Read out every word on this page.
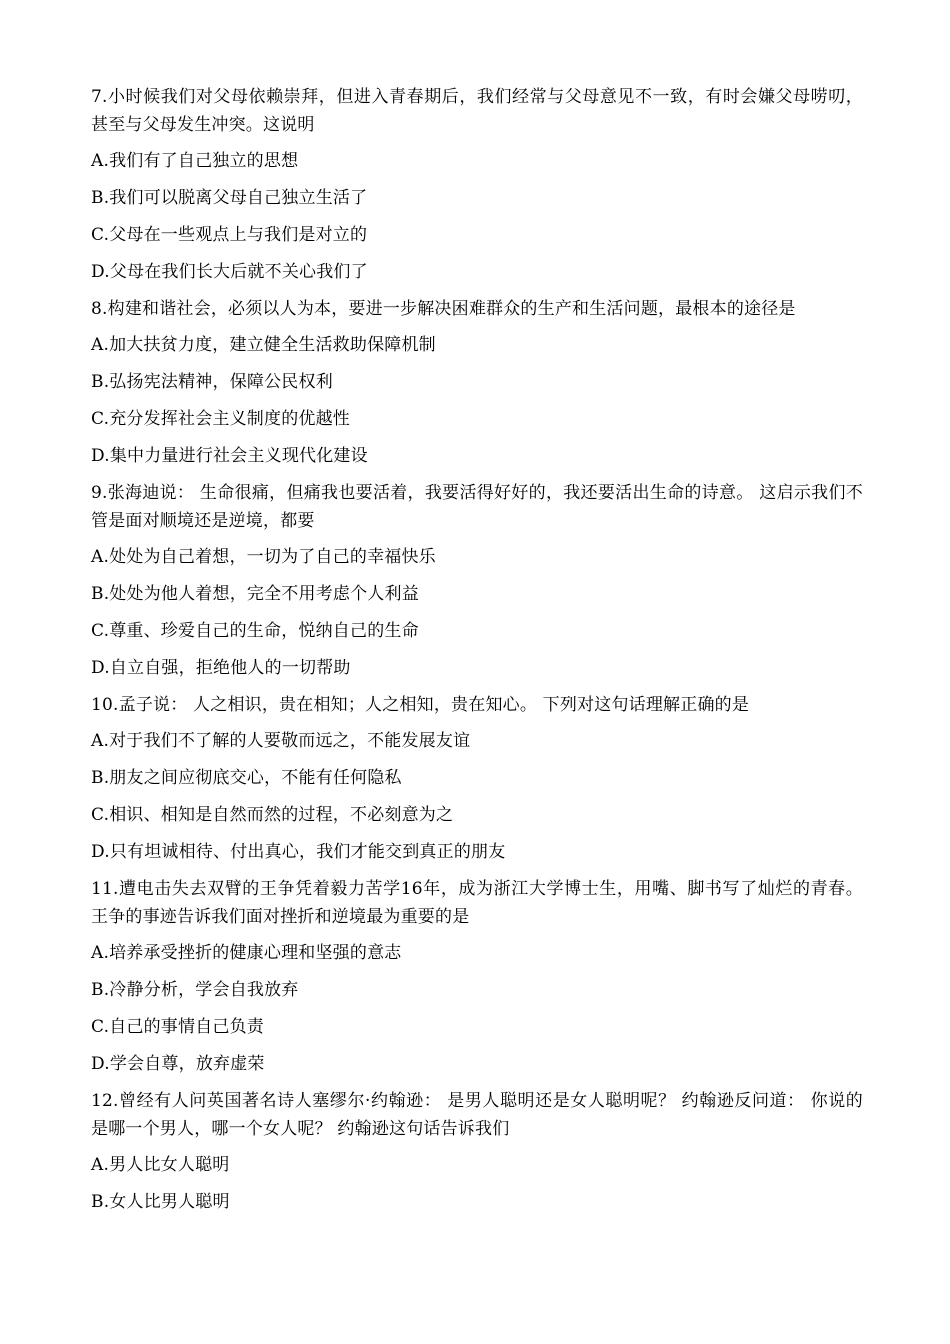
7.小时候我们对父母依赖崇拜，但进入青春期后，我们经常与父母意见不一致，有时会嫌父母唠叨，甚至与父母发生冲突。这说明

A.我们有了自己独立的思想

B.我们可以脱离父母自己独立生活了

C.父母在一些观点上与我们是对立的

D.父母在我们长大后就不关心我们了

8.构建和谐社会，必须以人为本，要进一步解决困难群众的生产和生活问题，最根本的途径是

A.加大扶贫力度，建立健全生活救助保障机制

B.弘扬宪法精神，保障公民权利

C.充分发挥社会主义制度的优越性

D.集中力量进行社会主义现代化建设

9.张海迪说： 生命很痛，但痛我也要活着，我要活得好好的，我还要活出生命的诗意。 这启示我们不管是面对顺境还是逆境，都要

A.处处为自己着想，一切为了自己的幸福快乐

B.处处为他人着想，完全不用考虑个人利益

C.尊重、珍爱自己的生命，悦纳自己的生命

D.自立自强，拒绝他人的一切帮助

10.孟子说： 人之相识，贵在相知；人之相知，贵在知心。 下列对这句话理解正确的是

A.对于我们不了解的人要敬而远之，不能发展友谊

B.朋友之间应彻底交心，不能有任何隐私

C.相识、相知是自然而然的过程，不必刻意为之

D.只有坦诚相待、付出真心，我们才能交到真正的朋友

11.遭电击失去双臂的王争凭着毅力苦学16年，成为浙江大学博士生，用嘴、脚书写了灿烂的青春。王争的事迹告诉我们面对挫折和逆境最为重要的是

A.培养承受挫折的健康心理和坚强的意志

B.冷静分析，学会自我放弃

C.自己的事情自己负责

D.学会自尊，放弃虚荣

12.曾经有人问英国著名诗人塞缪尔·约翰逊： 是男人聪明还是女人聪明呢？ 约翰逊反问道： 你说的是哪一个男人，哪一个女人呢？ 约翰逊这句话告诉我们

A.男人比女人聪明

B.女人比男人聪明
